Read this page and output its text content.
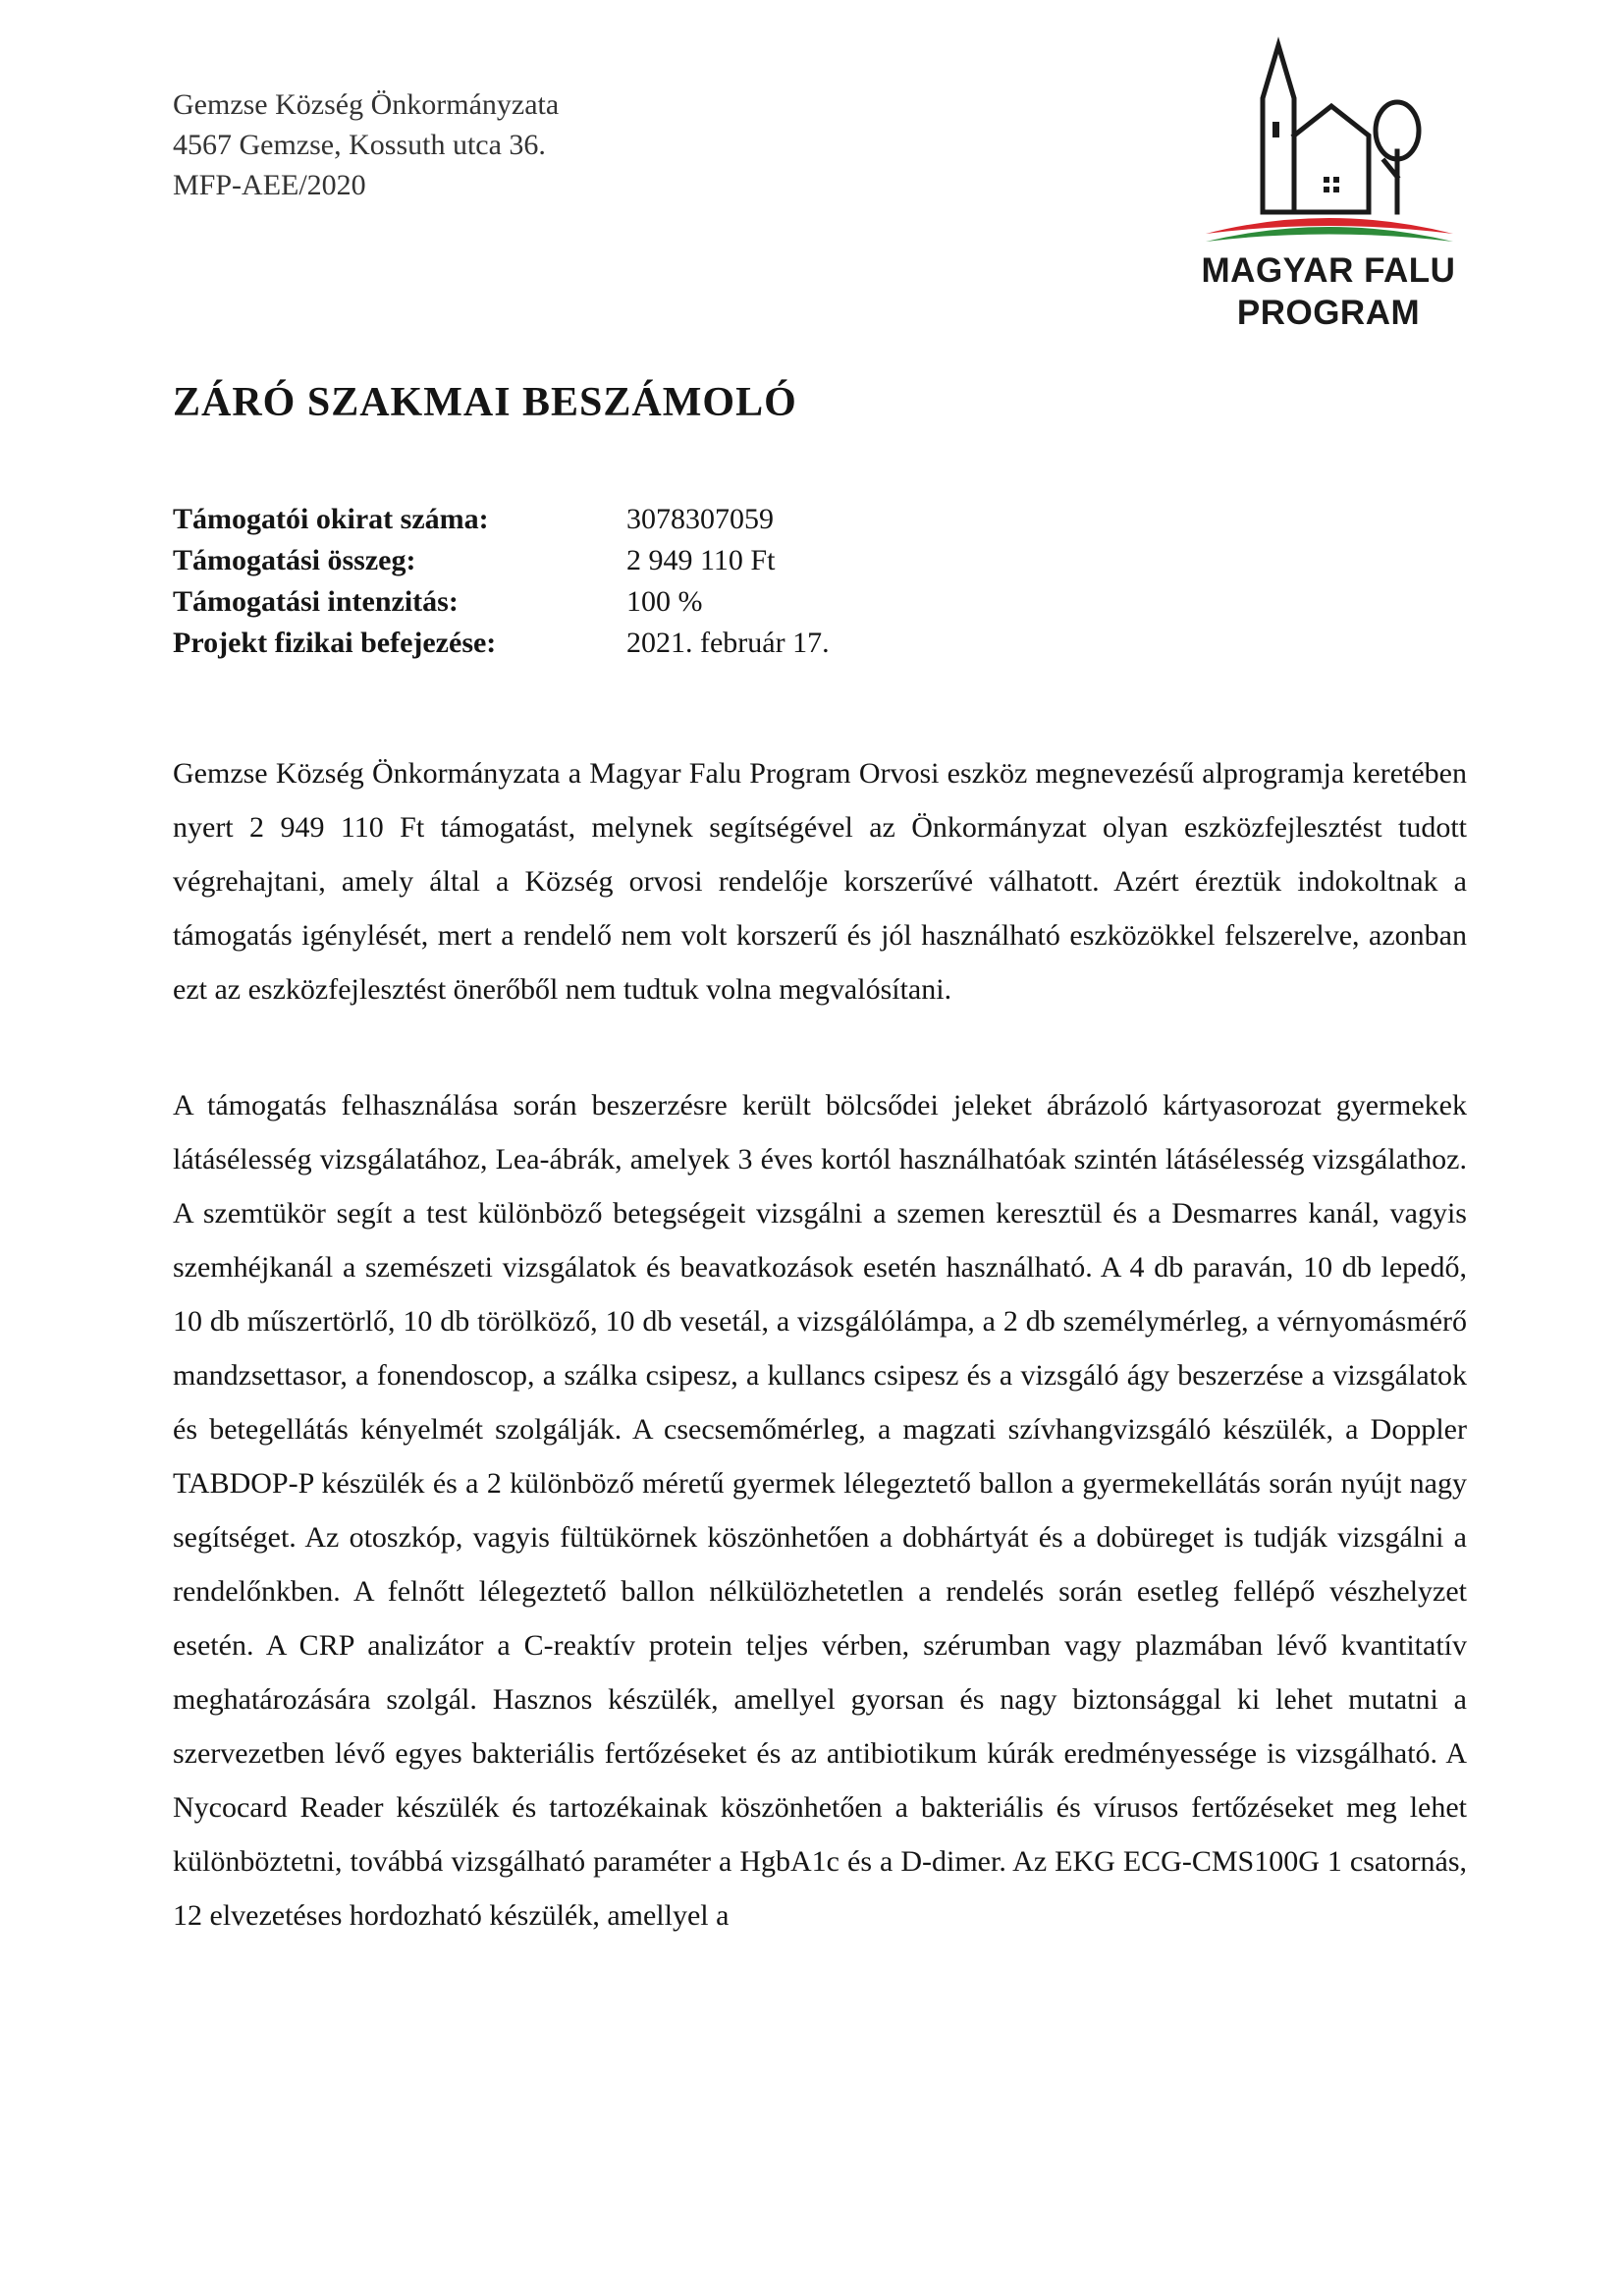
Gemzse Község Önkormányzata
4567 Gemzse, Kossuth utca 36.
MFP-AEE/2020
MAGYAR FALU
PROGRAM
ZÁRÓ SZAKMAI BESZÁMOLÓ
Támogatói okirat száma:	3078307059
Támogatási összeg:	2 949 110 Ft
Támogatási intenzitás:	100 %
Projekt fizikai befejezése:	2021. február 17.

Gemzse Község Önkormányzata a Magyar Falu Program Orvosi eszköz megnevezésű alprogramja keretében nyert 2 949 110 Ft támogatást, melynek segítségével az Önkormányzat olyan eszközfejlesztést tudott végrehajtani, amely által a Község orvosi rendelője korszerűvé válhatott. Azért éreztük indokoltnak a támogatás igénylését, mert a rendelő nem volt korszerű és jól használható eszközökkel felszerelve, azonban ezt az eszközfejlesztést önerőből nem tudtuk volna megvalósítani.

A támogatás felhasználása során beszerzésre került bölcsődei jeleket ábrázoló kártyasorozat gyermekek látásélesség vizsgálatához, Lea-ábrák, amelyek 3 éves kortól használhatóak szintén látásélesség vizsgálathoz. A szemtükör segít a test különböző betegségeit vizsgálni a szemen keresztül és a Desmarres kanál, vagyis szemhéjkanál a szemészeti vizsgálatok és beavatkozások esetén használható. A 4 db paraván, 10 db lepedő, 10 db műszertörlő, 10 db törölköző, 10 db vesetál, a vizsgálólámpa, a 2 db személymérleg, a vérnyomásmérő mandzsettasor, a fonendoscop, a szálka csipesz, a kullancs csipesz és a vizsgáló ágy beszerzése a vizsgálatok és betegellátás kényelmét szolgálják. A csecsemőmérleg, a magzati szívhangvizsgáló készülék, a Doppler TABDOP-P készülék és a 2 különböző méretű gyermek lélegeztető ballon a gyermekellátás során nyújt nagy segítséget. Az otoszkóp, vagyis fültükörnek köszönhetően a dobhártyát és a dobüreget is tudják vizsgálni a rendelőnkben. A felnőtt lélegeztető ballon nélkülözhetetlen a rendelés során esetleg fellépő vészhelyzet esetén. A CRP analizátor a C-reaktív protein teljes vérben, szérumban vagy plazmában lévő kvantitatív meghatározására szolgál. Hasznos készülék, amellyel gyorsan és nagy biztonsággal ki lehet mutatni a szervezetben lévő egyes bakteriális fertőzéseket és az antibiotikum kúrák eredményessége is vizsgálható. A Nycocard Reader készülék és tartozékainak köszönhetően a bakteriális és vírusos fertőzéseket meg lehet különböztetni, továbbá vizsgálható paraméter a HgbA1c és a D-dimer. Az EKG ECG-CMS100G 1 csatornás, 12 elvezetéses hordozható készülék, amellyel a
